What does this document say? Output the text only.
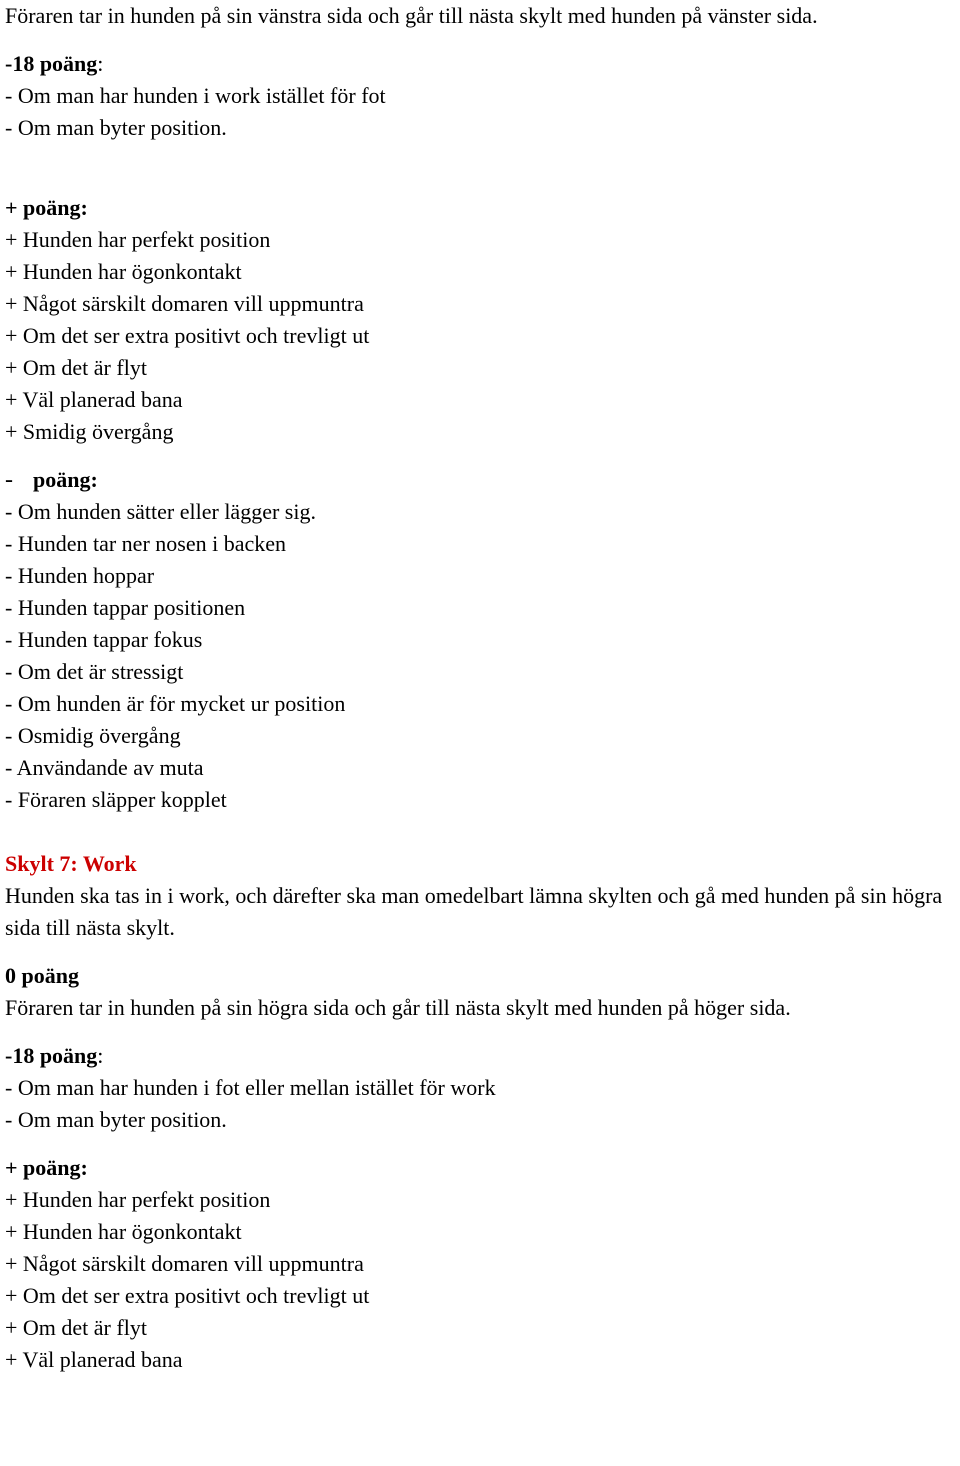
Föraren tar in hunden på sin vänstra sida och går till nästa skylt med hunden på vänster sida.
-18 poäng:
- Om man har hunden i work istället för fot
- Om man byter position.
+ poäng:
+ Hunden har perfekt position
+ Hunden har ögonkontakt
+ Något särskilt domaren vill uppmuntra
+ Om det ser extra positivt och trevligt ut
+ Om det är flyt
+ Väl planerad bana
+ Smidig övergång
- poäng:
- Om hunden sätter eller lägger sig.
- Hunden tar ner nosen i backen
- Hunden hoppar
- Hunden tappar positionen
- Hunden tappar fokus
- Om det är stressigt
- Om hunden är för mycket ur position
- Osmidig övergång
- Användande av muta
- Föraren släpper kopplet
Skylt 7: Work
Hunden ska tas in i work, och därefter ska man omedelbart lämna skylten och gå med hunden på sin högra sida till nästa skylt.
0 poäng
Föraren tar in hunden på sin högra sida och går till nästa skylt med hunden på höger sida.
-18 poäng:
- Om man har hunden i fot eller mellan istället för work
- Om man byter position.
+ poäng:
+ Hunden har perfekt position
+ Hunden har ögonkontakt
+ Något särskilt domaren vill uppmuntra
+ Om det ser extra positivt och trevligt ut
+ Om det är flyt
+ Väl planerad bana
